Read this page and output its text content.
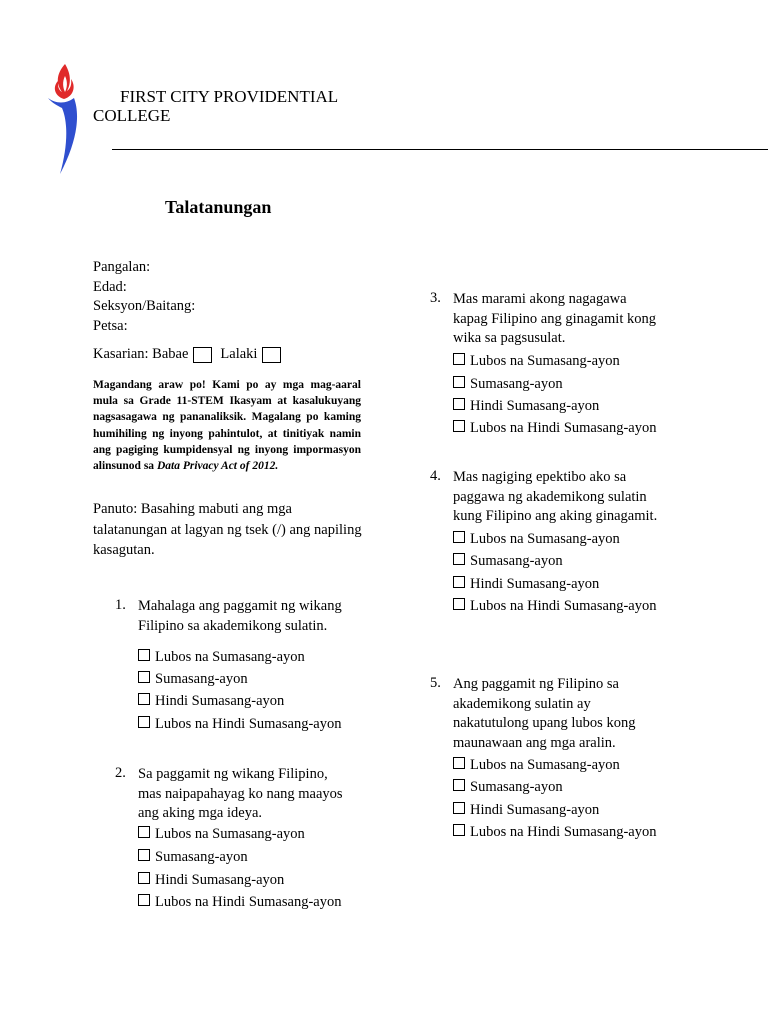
FIRST CITY PROVIDENTIAL
COLLEGE
Talatanungan
Pangalan:
Edad:
Seksyon/Baitang:
Petsa:
Kasarian: Babae Lalaki
Magandang araw po! Kami po ay mga mag-aaral mula sa Grade 11-STEM Ikasyam at kasalukuyang nagsasagawa ng pananaliksik. Magalang po kaming humihiling ng inyong pahintulot, at tinitiyak namin ang pagiging kumpidensyal ng inyong impormasyon alinsunod sa Data Privacy Act of 2012.
Panuto: Basahing mabuti ang mga talatanungan at lagyan ng tsek (/) ang napiling kasagutan.
1. Mahalaga ang paggamit ng wikang
Filipino sa akademikong sulatin.
Lubos na Sumasang-ayon
Sumasang-ayon
Hindi Sumasang-ayon
Lubos na Hindi Sumasang-ayon
2. Sa paggamit ng wikang Filipino,
mas naipapahayag ko nang maayos
ang aking mga ideya.
Lubos na Sumasang-ayon
Sumasang-ayon
Hindi Sumasang-ayon
Lubos na Hindi Sumasang-ayon
3. Mas marami akong nagagawa
kapag Filipino ang ginagamit kong
wika sa pagsusulat.
Lubos na Sumasang-ayon
Sumasang-ayon
Hindi Sumasang-ayon
Lubos na Hindi Sumasang-ayon
4. Mas nagiging epektibo ako sa
paggawa ng akademikong sulatin
kung Filipino ang aking ginagamit.
Lubos na Sumasang-ayon
Sumasang-ayon
Hindi Sumasang-ayon
Lubos na Hindi Sumasang-ayon
5. Ang paggamit ng Filipino sa
akademikong sulatin ay
nakatutulong upang lubos kong
maunawaan ang mga aralin.
Lubos na Sumasang-ayon
Sumasang-ayon
Hindi Sumasang-ayon
Lubos na Hindi Sumasang-ayon
